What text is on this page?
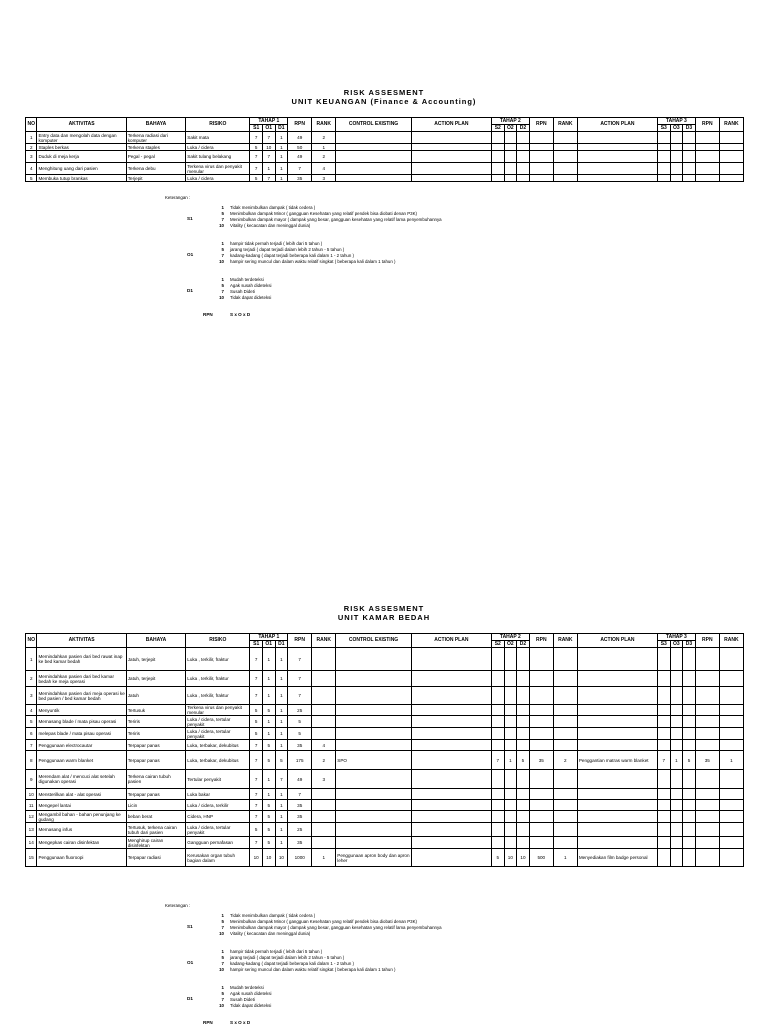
RISK ASSESMENT
UNIT KEUANGAN (Finance & Accounting)
NO	AKTIVITAS	BAHAYA	RISIKO	TAHAP 1			RPN	RANK	CONTROL EXISTING	ACTION PLAN	TAHAP 2			RPN	RANK	ACTION PLAN	TAHAP 3			RPN	RANK
				S1	O1	D1					S2	O2	D2				S3	O3	D3		
1	Entry data dan mengolah data dengan komputer	Terkena radiasi dari komputer	Sakit mata	7	7	1	49	2													
2	Staples berkas	Terkena staples	Luka / cidera	5	10	1	50	1													
3	Duduk di meja kerja	Pegal - pegal	Sakit tulang belakang	7	7	1	49	2													
4	Menghitung uang dari pasien	Terkena debu	Terkena virus dan penyakit menular	7	1	1	7	4													
5	Membuka tutup brankas	Terjepit	Luka / cidera	5	7	1	35	3													
Keterangan :
S1
1 Tidak menimbulkan dampak ( tidak cedera )
5 Menimbulkan dampak Minor ( gangguan Kesehatan yang relatif pendek bisa diobati denan P3K)
7 Menimbulkan dampak mayor ( dampak yang besar, gangguan kesehatan yang relatif lama penyembuhannya
10 Vitality ( kecacatan dan meninggal dunia)
O1
1 hampir tidak pernah terjadi ( lebih dari 5 tahun )
5 jarang terjadi ( dapat terjadi dalam lebih 2 tahun - 5 tahun )
7 kadang-kadang ( dapat terjadi beberapa kali dalam 1 - 2 tahun )
10 hampir sering muncul dan dalam waktu relatif singkat ( beberapa kali dalam 1 tahun )
D1
1 Mudah terdeteksi
5 Agak susah dideteksi
7 Susah Dideti
10 Tidak dapat dideteksi
RPN	S x O x D
RISK ASSESMENT
UNIT KAMAR BEDAH
NO	AKTIVITAS	BAHAYA	RISIKO	TAHAP 1			RPN	RANK	CONTROL EXISTING	ACTION PLAN	TAHAP 2			RPN	RANK	ACTION PLAN	TAHAP 3			RPN	RANK
				S1	O1	D1					S2	O2	D2				S3	O3	D3		
1	Memindahkan pasien dari bed rawat inap ke bed kamar bedah	Jatuh, terjepit	Luka , terkilir, fraktur	7	1	1	7														
2	Memindahkan pasien dari bed kamar bedah ke meja operasi	Jatuh, terjepit	Luka , terkilir, fraktur	7	1	1	7														
3	Memindahkan pasien dari meja operasi ke bed pasien / bed kamar bedah	Jatuh	Luka , terkilir, fraktur	7	1	1	7														
4	Menyuntik	Tertusuk	Terkena virus dan penyakit menular	5	5	1	25														
5	Memasang blade / mata pisau operasi	Teriris	Luka / cidera, tertular penyakit	5	1	1	5														
6	melepas blade / mata pisau operasi	Teriris	Luka / cidera, tertular penyakit	5	1	1	5														
7	Penggunaan electrocautar	Terpapar panas	Luka, terbakar, dekubitus	7	5	1	35	4													
8	Penggunaan warm blanket	Terpapar panas	Luka, terbakar, dekubitus	7	5	5	175	2	SPO		7	1	5	35	2	Penggantian matras warm blanket	7	1	5	35	1
9	Merendam alat / mencuci alat setelah digunakan operasi	Terkena cairan tubuh pasien	Tertular penyakit	7	1	7	49	3													
10	Mensterilkan alat - alat operasi	Terpapar panas	Luka bakar	7	1	1	7														
11	Mengepel lantai	Licin	Luka / cidera, terkilir	7	5	1	35														
12	Mengambil bahan - bahan penunjang ke gudang	beban berat	Cidera, HNP	7	5	1	35														
13	Memasang infus	Tertusuk, terkena cairan tubuh dari pasien	Luka / cidera, tertular penyakit	5	5	1	25														
14	Mengepkas cairan disinfektan	Menghirup cairan disinfektan	Gangguan pernafasan	7	5	1	35														
15	Penggunaan fluoroopi	Terpapar radiasi	Kerusakan organ tubuh bagian dalam	10	10	10	1000	1	Penggunaan apron body dan apron leher		5	10	10	500	1	Menyediakan film badge personal					
Keterangan :
S1
1 Tidak menimbulkan dampak ( tidak cedera )
5 Menimbulkan dampak Minor ( gangguan Kesehatan yang relatif pendek bisa diobati denan P3K)
7 Menimbulkan dampak mayor ( dampak yang besar, gangguan kesehatan yang relatif lama penyembuhannya
10 Vitality ( kecacatan dan meninggal dunia)
O1
1 hampir tidak pernah terjadi ( lebih dari 5 tahun )
5 jarang terjadi ( dapat terjadi dalam lebih 2 tahun - 5 tahun )
7 kadang-kadang ( dapat terjadi beberapa kali dalam 1 - 2 tahun )
10 hampir sering muncul dan dalam waktu relatif singkat ( beberapa kali dalam 1 tahun )
D1
1 Mudah terdeteksi
5 Agak susah dideteksi
7 Susah Dideti
10 Tidak dapat dideteksi
RPN	S x O x D
